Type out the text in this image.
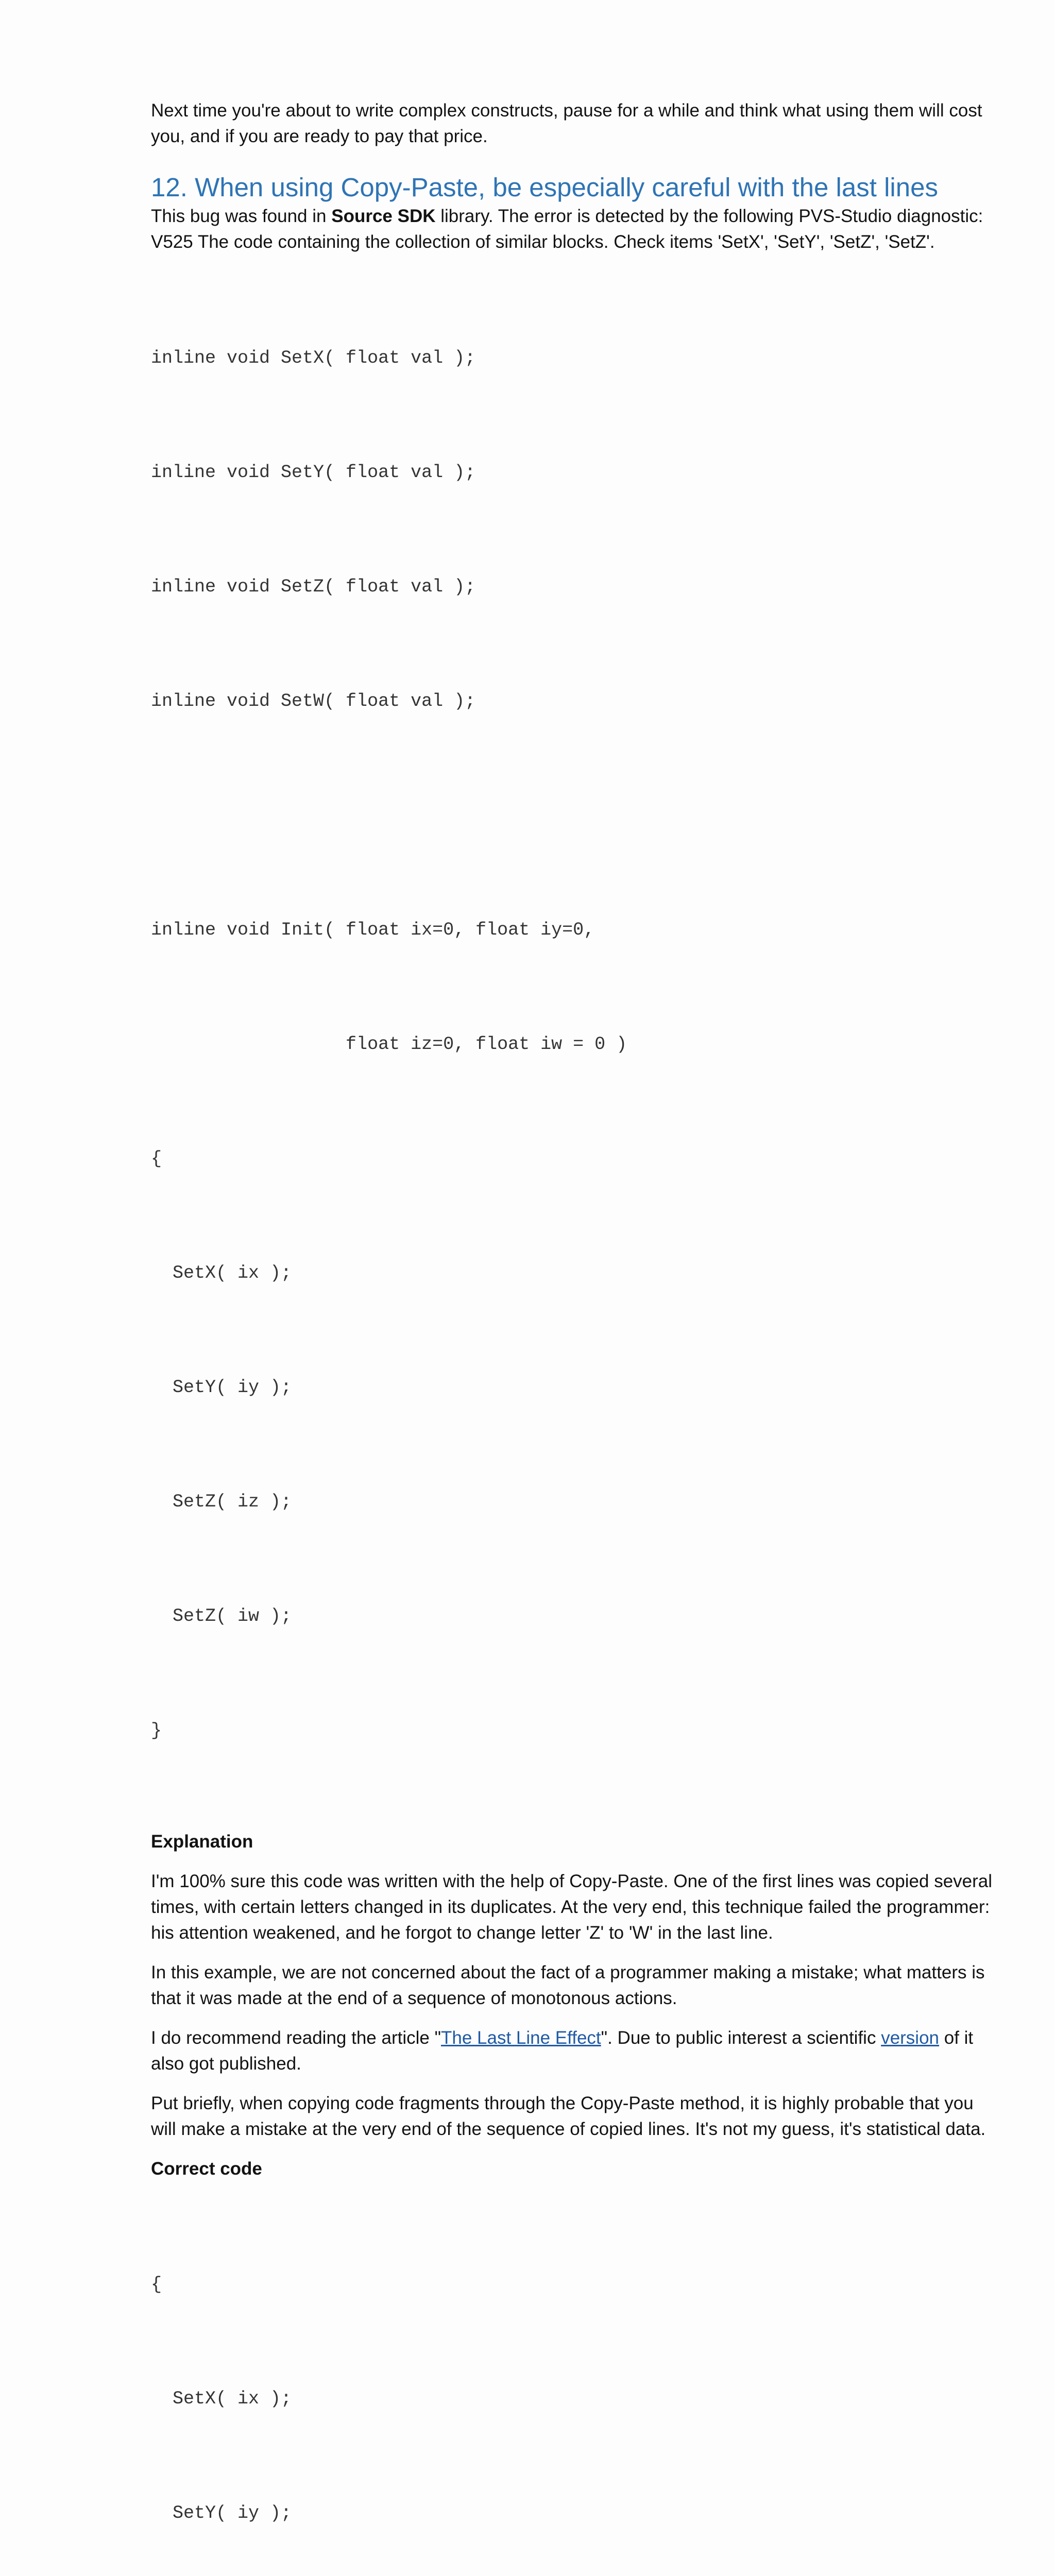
Next time you're about to write complex constructs, pause for a while and think what using them will cost you, and if you are ready to pay that price.

12. When using Copy-Paste, be especially careful with the last lines

This bug was found in Source SDK library. The error is detected by the following PVS-Studio diagnostic: V525 The code containing the collection of similar blocks. Check items 'SetX', 'SetY', 'SetZ', 'SetZ'.

inline void SetX( float val );

inline void SetY( float val );

inline void SetZ( float val );

inline void SetW( float val );

inline void Init( float ix=0, float iy=0,

float iz=0, float iw = 0 )

{

SetX( ix );

SetY( iy );

SetZ( iz );

SetZ( iw );

}

Explanation

I'm 100% sure this code was written with the help of Copy-Paste. One of the first lines was copied several times, with certain letters changed in its duplicates. At the very end, this technique failed the programmer: his attention weakened, and he forgot to change letter 'Z' to 'W' in the last line.

In this example, we are not concerned about the fact of a programmer making a mistake; what matters is that it was made at the end of a sequence of monotonous actions.

I do recommend reading the article "The Last Line Effect". Due to public interest a scientific version of it also got published.

Put briefly, when copying code fragments through the Copy-Paste method, it is highly probable that you will make a mistake at the very end of the sequence of copied lines. It's not my guess, it's statistical data.

Correct code

{

SetX( ix );

SetY( iy );
